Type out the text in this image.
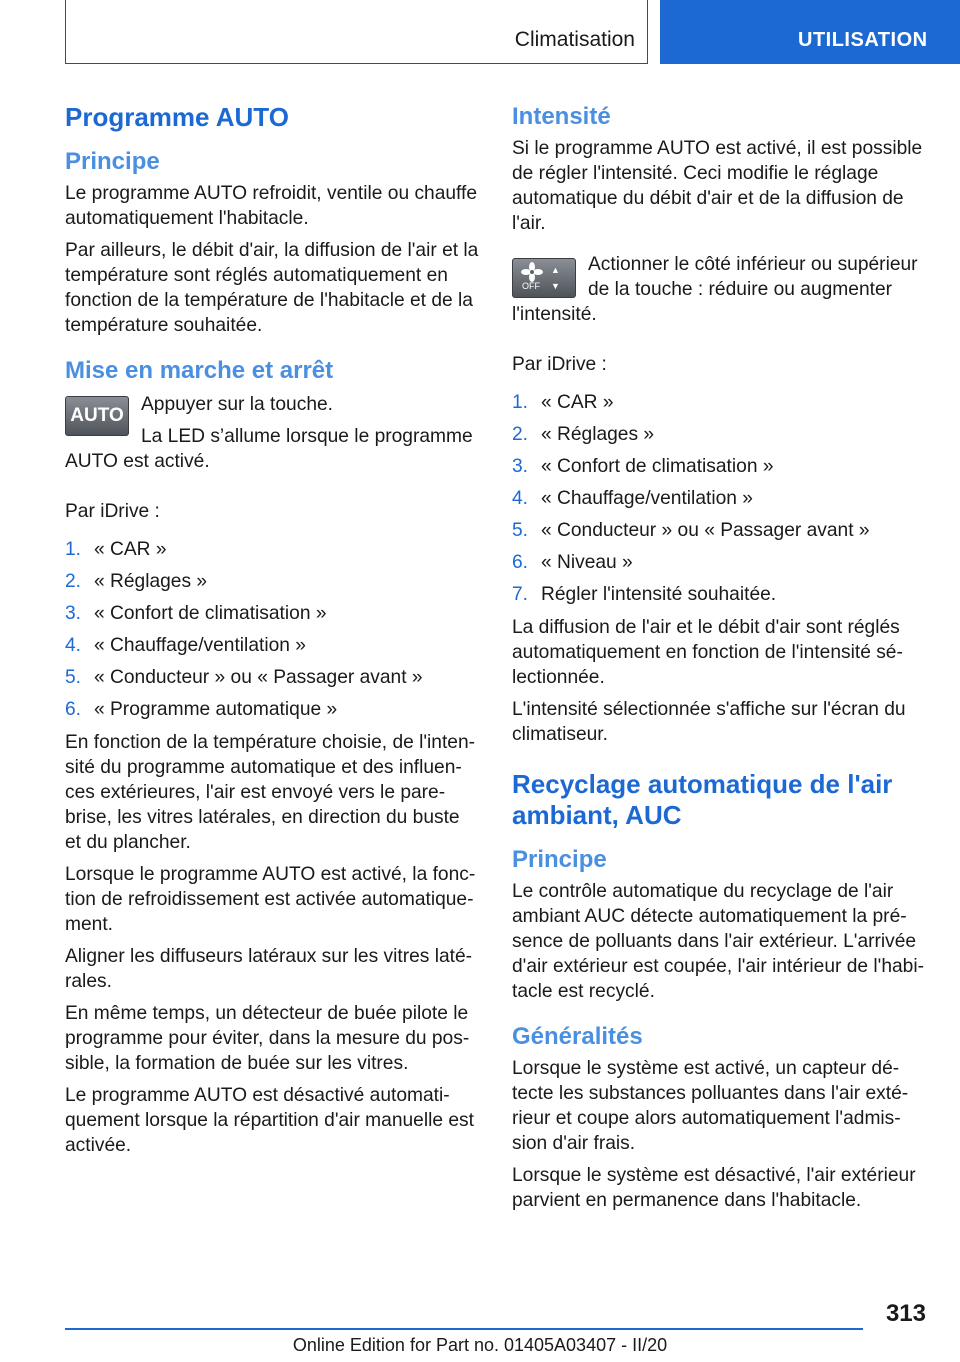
Climatisation	UTILISATION
Programme AUTO
Principe

Le programme AUTO refroidit, ventile ou chauffe automatiquement l'habitacle.

Par ailleurs, le débit d'air, la diffusion de l'air et la température sont réglés automatiquement en fonction de la température de l'habitacle et de la température souhaitée.

Mise en marche et arrêt
AUTO

Appuyer sur la touche.

La LED s’allume lorsque le programme AUTO est activé.

Par iDrive :

1. « CAR »
2. « Réglages »
3. « Confort de climatisation »
4. « Chauffage/ventilation »
5. « Conducteur » ou « Passager avant »
6. « Programme automatique »

En fonction de la température choisie, de l'intensité du programme automatique et des influences extérieures, l'air est envoyé vers le pare-brise, les vitres latérales, en direction du buste et du plancher.

Lorsque le programme AUTO est activé, la fonction de refroidissement est activée automatiquement.

Aligner les diffuseurs latéraux sur les vitres latérales.

En même temps, un détecteur de buée pilote le programme pour éviter, dans la mesure du possible, la formation de buée sur les vitres.

Le programme AUTO est désactivé automatiquement lorsque la répartition d'air manuelle est activée.

Intensité

Si le programme AUTO est activé, il est possible de régler l'intensité. Ceci modifie le réglage automatique du débit d'air et de la diffusion de l'air.

▲
OFF ▼

Actionner le côté inférieur ou supérieur de la touche : réduire ou augmenter l'intensité.

Par iDrive :

1. « CAR »
2. « Réglages »
3. « Confort de climatisation »
4. « Chauffage/ventilation »
5. « Conducteur » ou « Passager avant »
6. « Niveau »
7. Régler l'intensité souhaitée.

La diffusion de l'air et le débit d'air sont réglés automatiquement en fonction de l'intensité sélectionnée.

L'intensité sélectionnée s'affiche sur l'écran du climatiseur.

Recyclage automatique de l'air ambiant, AUC
Principe

Le contrôle automatique du recyclage de l'air ambiant AUC détecte automatiquement la présence de polluants dans l'air extérieur. L'arrivée d'air extérieur est coupée, l'air intérieur de l'habitacle est recyclé.

Généralités

Lorsque le système est activé, un capteur détecte les substances polluantes dans l'air extérieur et coupe alors automatiquement l'admission d'air frais.

Lorsque le système est désactivé, l'air extérieur parvient en permanence dans l'habitacle.

313
Online Edition for Part no. 01405A03407 - II/20
